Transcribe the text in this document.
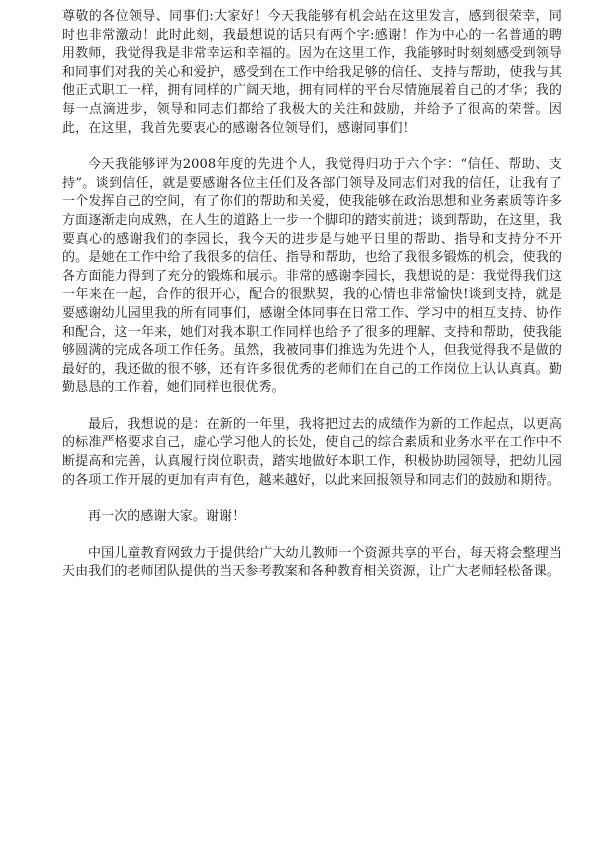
尊敬的各位领导、同事们:大家好！今天我能够有机会站在这里发言，感到很荣幸，同时也非常激动！此时此刻，我最想说的话只有两个字:感谢！作为中心的一名普通的聘用教师，我觉得我是非常幸运和幸福的。因为在这里工作，我能够时时刻刻感受到领导和同事们对我的关心和爱护，感受到在工作中给我足够的信任、支持与帮助，使我与其他正式职工一样，拥有同样的广阔天地，拥有同样的平台尽情施展着自己的才华；我的每一点滴进步，领导和同志们都给了我极大的关注和鼓励，并给予了很高的荣誉。因此，在这里，我首先要衷心的感谢各位领导们，感谢同事们！

今天我能够评为2008年度的先进个人，我觉得归功于六个字：“信任、帮助、支持”。谈到信任，就是要感谢各位主任们及各部门领导及同志们对我的信任，让我有了一个发挥自己的空间，有了你们的帮助和关爱，使我能够在政治思想和业务素质等许多方面逐渐走向成熟，在人生的道路上一步一个脚印的踏实前进；谈到帮助，在这里，我要真心的感谢我们的李园长，我今天的进步是与她平日里的帮助、指导和支持分不开的。是她在工作中给了我很多的信任、指导和帮助，也给了我很多锻炼的机会，使我的各方面能力得到了充分的锻炼和展示。非常的感谢李园长，我想说的是：我觉得我们这一年来在一起，合作的很开心，配合的很默契，我的心情也非常愉快!谈到支持，就是要感谢幼儿园里我的所有同事们，感谢全体同事在日常工作、学习中的相互支持、协作和配合，这一年来，她们对我本职工作同样也给予了很多的理解、支持和帮助，使我能够圆满的完成各项工作任务。虽然，我被同事们推选为先进个人，但我觉得我不是做的最好的，我还做的很不够，还有许多很优秀的老师们在自己的工作岗位上认认真真。勤勤恳恳的工作着，她们同样也很优秀。

最后，我想说的是：在新的一年里，我将把过去的成绩作为新的工作起点，以更高的标准严格要求自己，虚心学习他人的长处，使自己的综合素质和业务水平在工作中不断提高和完善，认真履行岗位职责，踏实地做好本职工作，积极协助园领导，把幼儿园的各项工作开展的更加有声有色，越来越好，以此来回报领导和同志们的鼓励和期待。

再一次的感谢大家。谢谢！

中国儿童教育网致力于提供给广大幼儿教师一个资源共享的平台，每天将会整理当天由我们的老师团队提供的当天参考教案和各种教育相关资源，让广大老师轻松备课。
